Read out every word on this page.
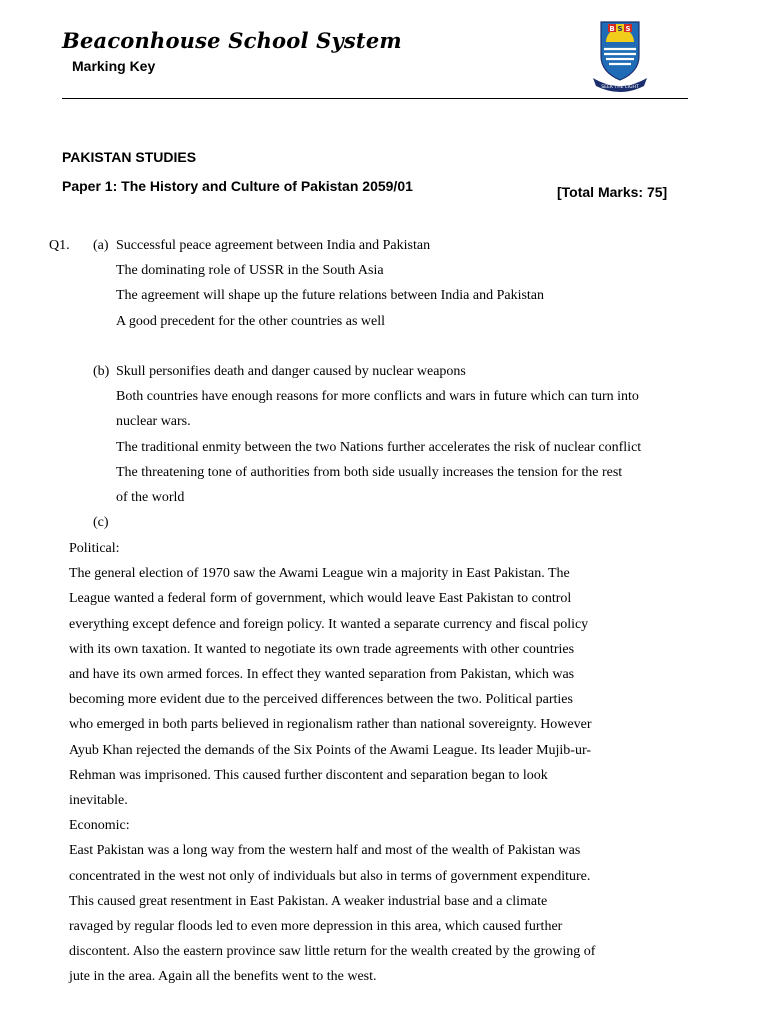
Beaconhouse School System
Marking Key
B S S
SEEK THE LIGHT
PAKISTAN STUDIES
Paper 1: The History and Culture of Pakistan 2059/01	[Total Marks: 75]
Q1. (a) Successful peace agreement between India and Pakistan
The dominating role of USSR in the South Asia
The agreement will shape up the future relations between India and Pakistan
A good precedent for the other countries as well
(b) Skull personifies death and danger caused by nuclear weapons
Both countries have enough reasons for more conflicts and wars in future which can turn into
nuclear wars.
The traditional enmity between the two Nations further accelerates the risk of nuclear conflict
The threatening tone of authorities from both side usually increases the tension for the rest
of the world
(c)
Political:
The general election of 1970 saw the Awami League win a majority in East Pakistan. The
League wanted a federal form of government, which would leave East Pakistan to control
everything except defence and foreign policy. It wanted a separate currency and fiscal policy
with its own taxation. It wanted to negotiate its own trade agreements with other countries
and have its own armed forces. In effect they wanted separation from Pakistan, which was
becoming more evident due to the perceived differences between the two. Political parties
who emerged in both parts believed in regionalism rather than national sovereignty. However
Ayub Khan rejected the demands of the Six Points of the Awami League. Its leader Mujib-ur-
Rehman was imprisoned. This caused further discontent and separation began to look
inevitable.
Economic:
East Pakistan was a long way from the western half and most of the wealth of Pakistan was
concentrated in the west not only of individuals but also in terms of government expenditure.
This caused great resentment in East Pakistan. A weaker industrial base and a climate
ravaged by regular floods led to even more depression in this area, which caused further
discontent. Also the eastern province saw little return for the wealth created by the growing of
jute in the area. Again all the benefits went to the west.
